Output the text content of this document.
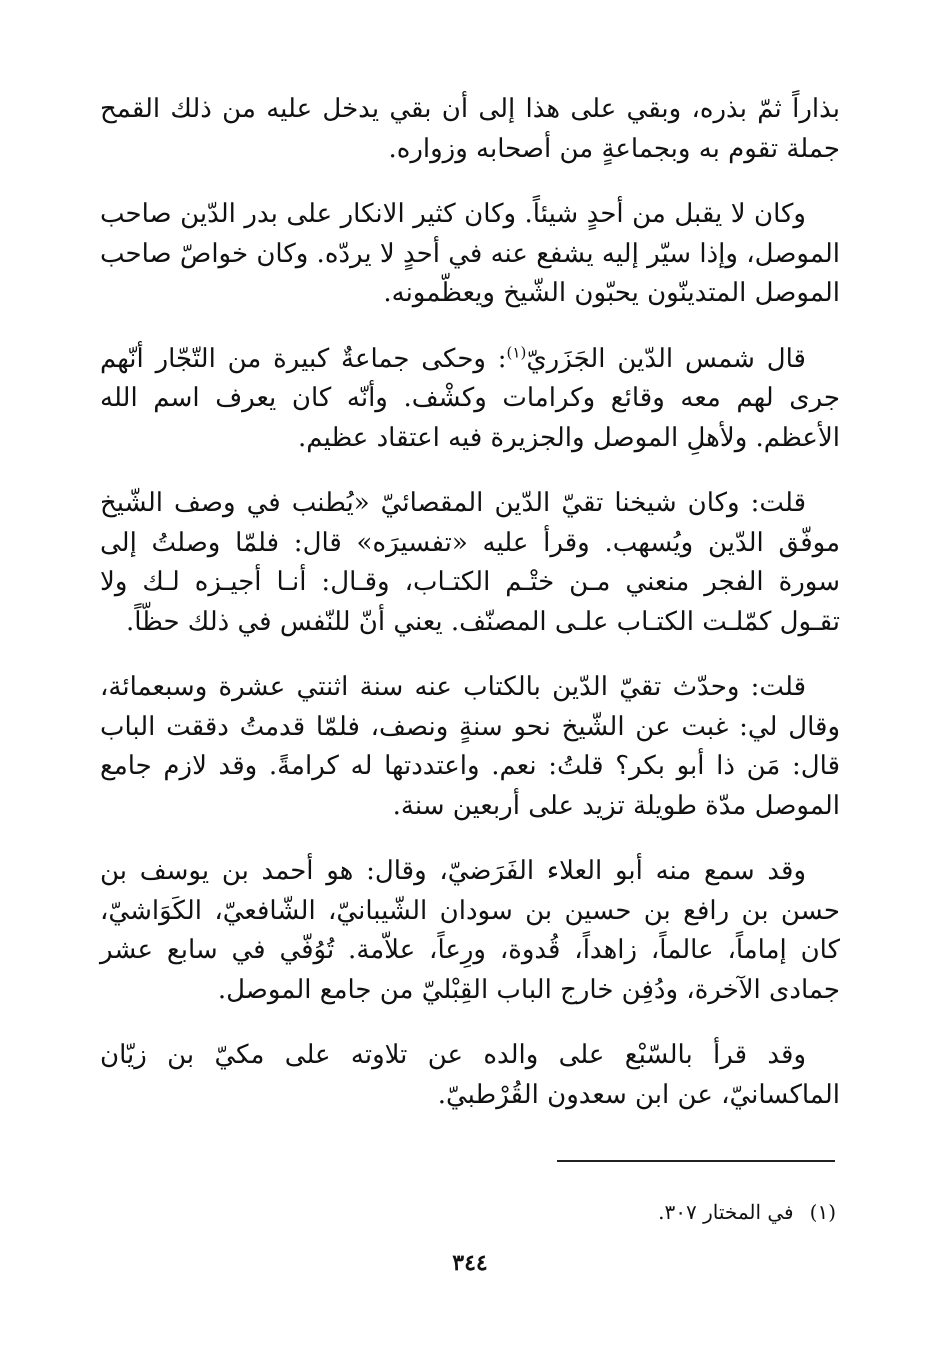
بذاراً ثمّ بذره، وبقي على هذا إلى أن بقي يدخل عليه من ذلك القمح جملة تقوم به وبجماعةٍ من أصحابه وزواره.

وكان لا يقبل من أحدٍ شيئاً. وكان كثير الانكار على بدر الدّين صاحب الموصل، وإذا سيّر إليه يشفع عنه في أحدٍ لا يردّه. وكان خواصّ صاحب الموصل المتدينّون يحبّون الشّيخ ويعظّمونه.

قال شمس الدّين الجَزَريّ$^{(١)}$: وحكى جماعةٌ كبيرة من التّجّار أنّهم جرى لهم معه وقائع وكرامات وكشْف. وأنّه كان يعرف اسم الله الأعظم. ولأهلِ الموصل والجزيرة فيه اعتقاد عظيم.

قلت: وكان شيخنا تقيّ الدّين المقصائيّ «يُطنب في وصف الشّيخ موفّق الدّين ويُسهب. وقرأ عليه «تفسيرَه» قال: فلمّا وصلتُ إلى سورة الفجر منعني مـن ختْـم الكتـاب، وقـال: أنـا أجيـزه لـك ولا تقـول كمّلـت الكتـاب علـى المصنّف. يعني أنّ للنّفس في ذلك حظّاً.

قلت: وحدّث تقيّ الدّين بالكتاب عنه سنة اثنتي عشرة وسبعمائة، وقال لي: غبت عن الشّيخ نحو سنةٍ ونصف، فلمّا قدمتُ دققت الباب قال: مَن ذا أبو بكر؟ قلتُ: نعم. واعتددتها له كرامةً. وقد لازم جامع الموصل مدّة طويلة تزيد على أربعين سنة.

وقد سمع منه أبو العلاء الفَرَضيّ، وقال: هو أحمد بن يوسف بن حسن بن رافع بن حسين بن سودان الشّيبانيّ، الشّافعيّ، الكَوَاشيّ، كان إماماً، عالماً، زاهداً، قُدوة، ورِعاً، علاّمة. تُوُفّي في سابع عشر جمادى الآخرة، ودُفِن خارج الباب القِبْليّ من جامع الموصل.

وقد قرأ بالسّبْع على والده عن تلاوته على مكيّ بن زيّان الماكسانيّ، عن ابن سعدون القُرْطبيّ.

(١)في المختار ٣٠٧.
٣٤٤
